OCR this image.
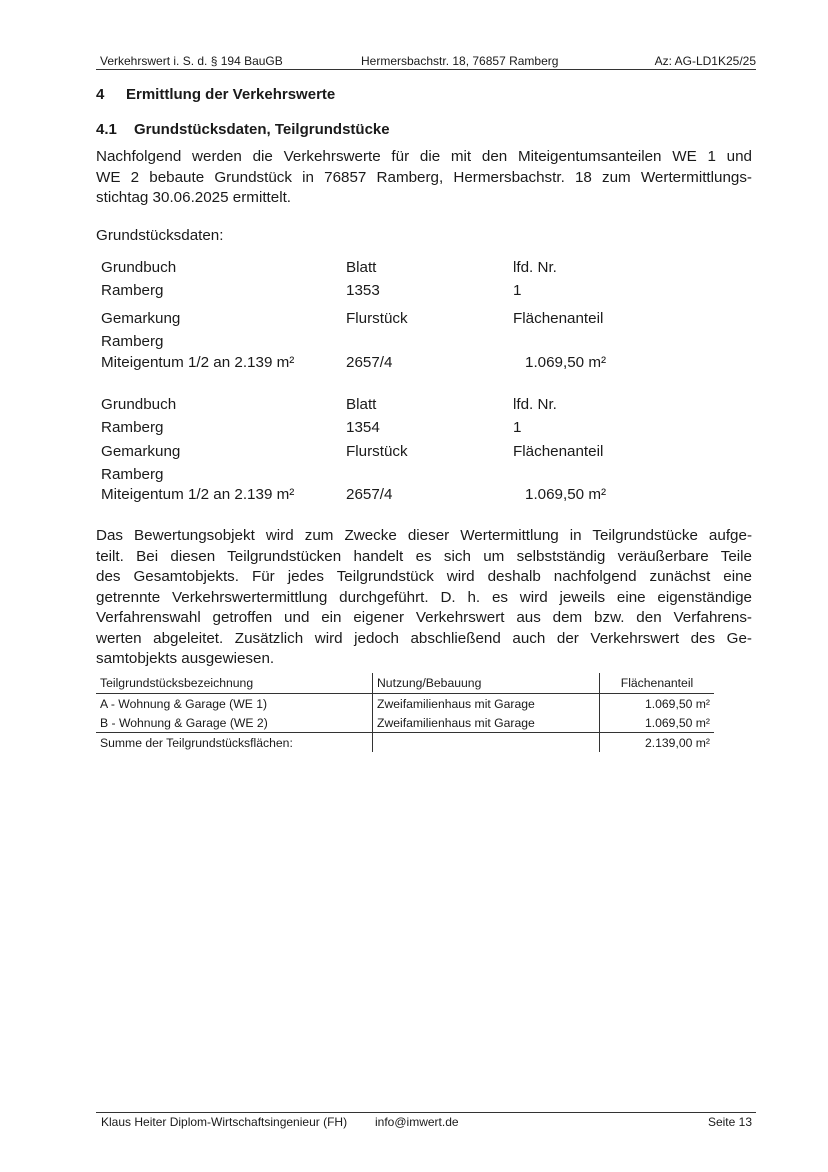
Verkehrswert i. S. d. § 194 BauGB	Hermersbachstr. 18, 76857 Ramberg	Az: AG-LD1K25/25
4 Ermittlung der Verkehrswerte
4.1 Grundstücksdaten, Teilgrundstücke
Nachfolgend werden die Verkehrswerte für die mit den Miteigentumsanteilen WE 1 und
WE 2 bebaute Grundstück in 76857 Ramberg, Hermersbachstr. 18 zum Wertermittlungs-
stichtag 30.06.2025 ermittelt.
Grundstücksdaten:
Grundbuch	Blatt	lfd. Nr.
Ramberg	1353	1
Gemarkung	Flurstück	Flächenanteil
Ramberg
Miteigentum 1/2 an 2.139 m²	2657/4	1.069,50 m²
Grundbuch	Blatt	lfd. Nr.
Ramberg	1354	1
Gemarkung	Flurstück	Flächenanteil
Ramberg
Miteigentum 1/2 an 2.139 m²	2657/4	1.069,50 m²
Das Bewertungsobjekt wird zum Zwecke dieser Wertermittlung in Teilgrundstücke aufge-
teilt. Bei diesen Teilgrundstücken handelt es sich um selbstständig veräußerbare Teile
des Gesamtobjekts. Für jedes Teilgrundstück wird deshalb nachfolgend zunächst eine
getrennte Verkehrswertermittlung durchgeführt. D. h. es wird jeweils eine eigenständige
Verfahrenswahl getroffen und ein eigener Verkehrswert aus dem bzw. den Verfahrens-
werten abgeleitet. Zusätzlich wird jedoch abschließend auch der Verkehrswert des Ge-
samtobjekts ausgewiesen.
Teilgrundstücksbezeichnung	Nutzung/Bebauung	Flächenanteil
A - Wohnung & Garage (WE 1)	Zweifamilienhaus mit Garage	1.069,50 m²
B - Wohnung & Garage (WE 2)	Zweifamilienhaus mit Garage	1.069,50 m²
Summe der Teilgrundstücksflächen:		2.139,00 m²
Klaus Heiter Diplom-Wirtschaftsingenieur (FH) info@imwert.de	Seite 13
